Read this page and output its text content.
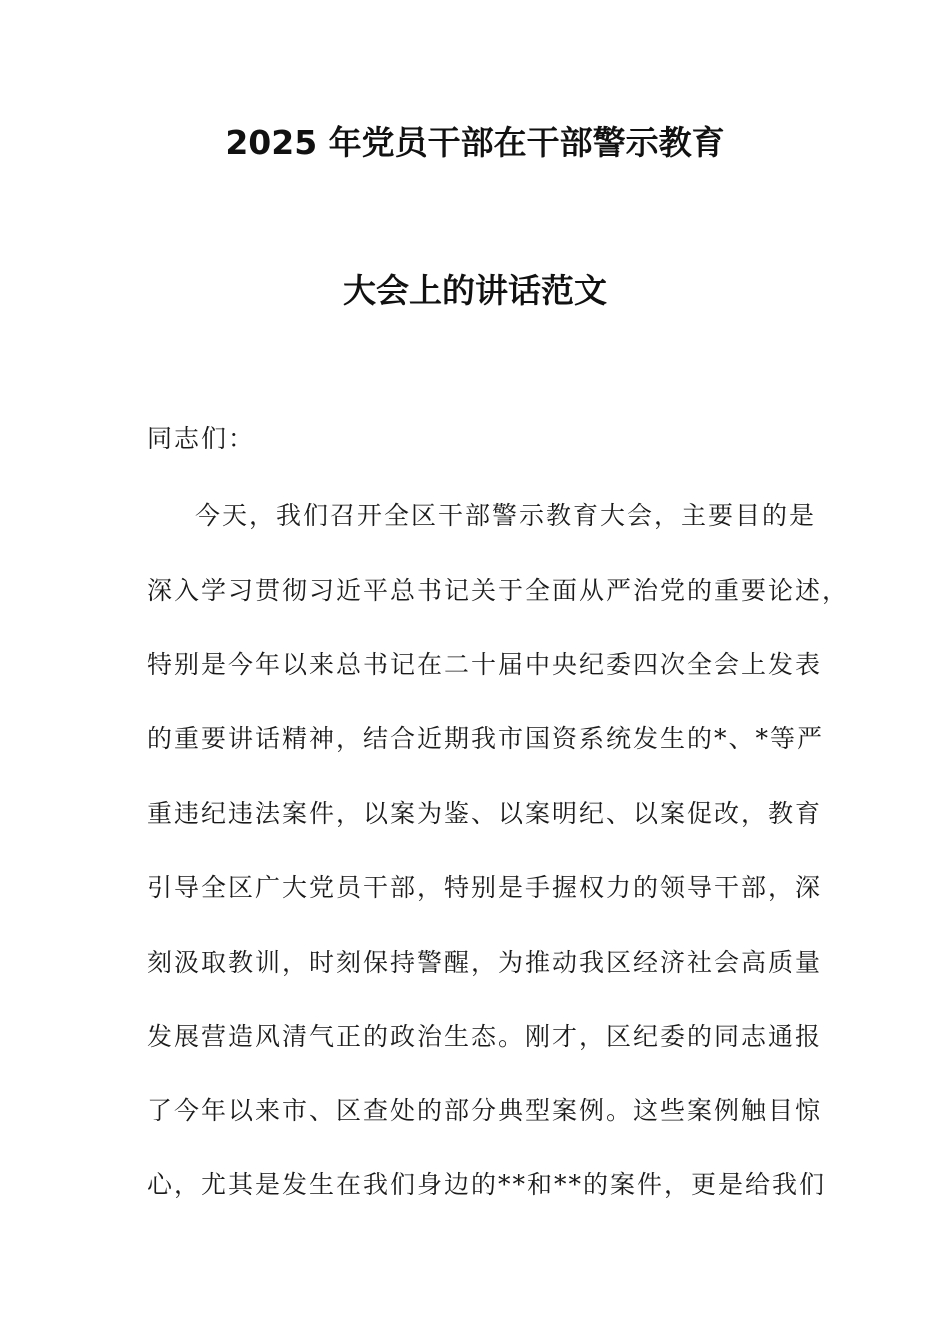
2025 年党员干部在干部警示教育
大会上的讲话范文
同志们：
今天，我们召开全区干部警示教育大会，主要目的是
深入学习贯彻习近平总书记关于全面从严治党的重要论述，
特别是今年以来总书记在二十届中央纪委四次全会上发表
的重要讲话精神，结合近期我市国资系统发生的*、*等严
重违纪违法案件，以案为鉴、以案明纪、以案促改，教育
引导全区广大党员干部，特别是手握权力的领导干部，深
刻汲取教训，时刻保持警醒，为推动我区经济社会高质量
发展营造风清气正的政治生态。刚才，区纪委的同志通报
了今年以来市、区查处的部分典型案例。这些案例触目惊
心，尤其是发生在我们身边的**和**的案件，更是给我们
